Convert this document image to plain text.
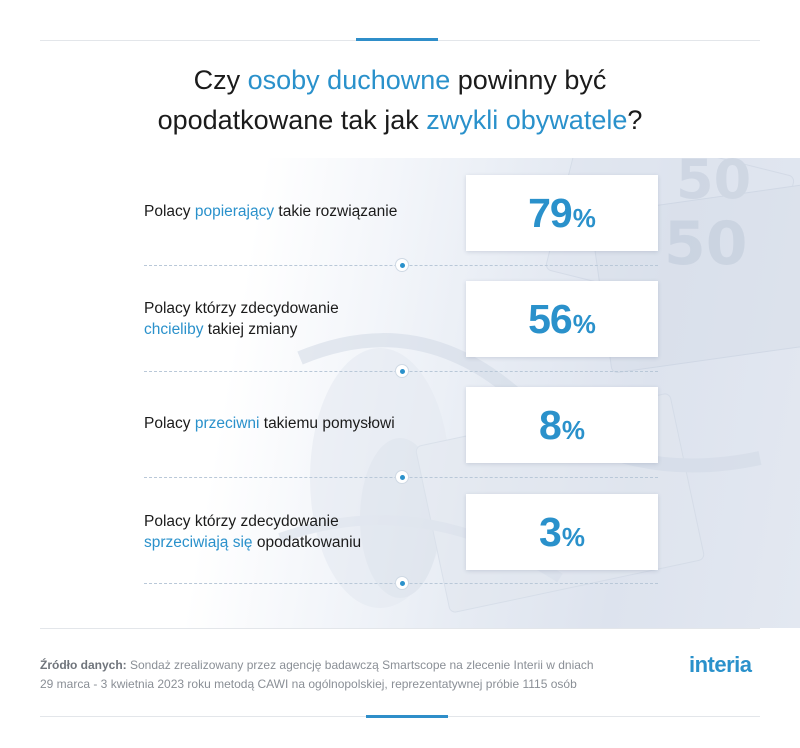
Czy osoby duchowne powinny być
opodatkowane tak jak zwykli obywatele?
50
50
Polacy popierający takie rozwiązanie	79 %
Polacy którzy zdecydowanie
chcieliby takiej zmiany	56 %
Polacy przeciwni takiemu pomysłowi	8 %
Polacy którzy zdecydowanie
sprzeciwiają się opodatkowaniu	3 %
Źródło danych: Sondaż zrealizowany przez agencję badawczą Smartscope na zlecenie Interii w dniach
29 marca - 3 kwietnia 2023 roku metodą CAWI na ogólnopolskiej, reprezentatywnej próbie 1115 osób
interia
